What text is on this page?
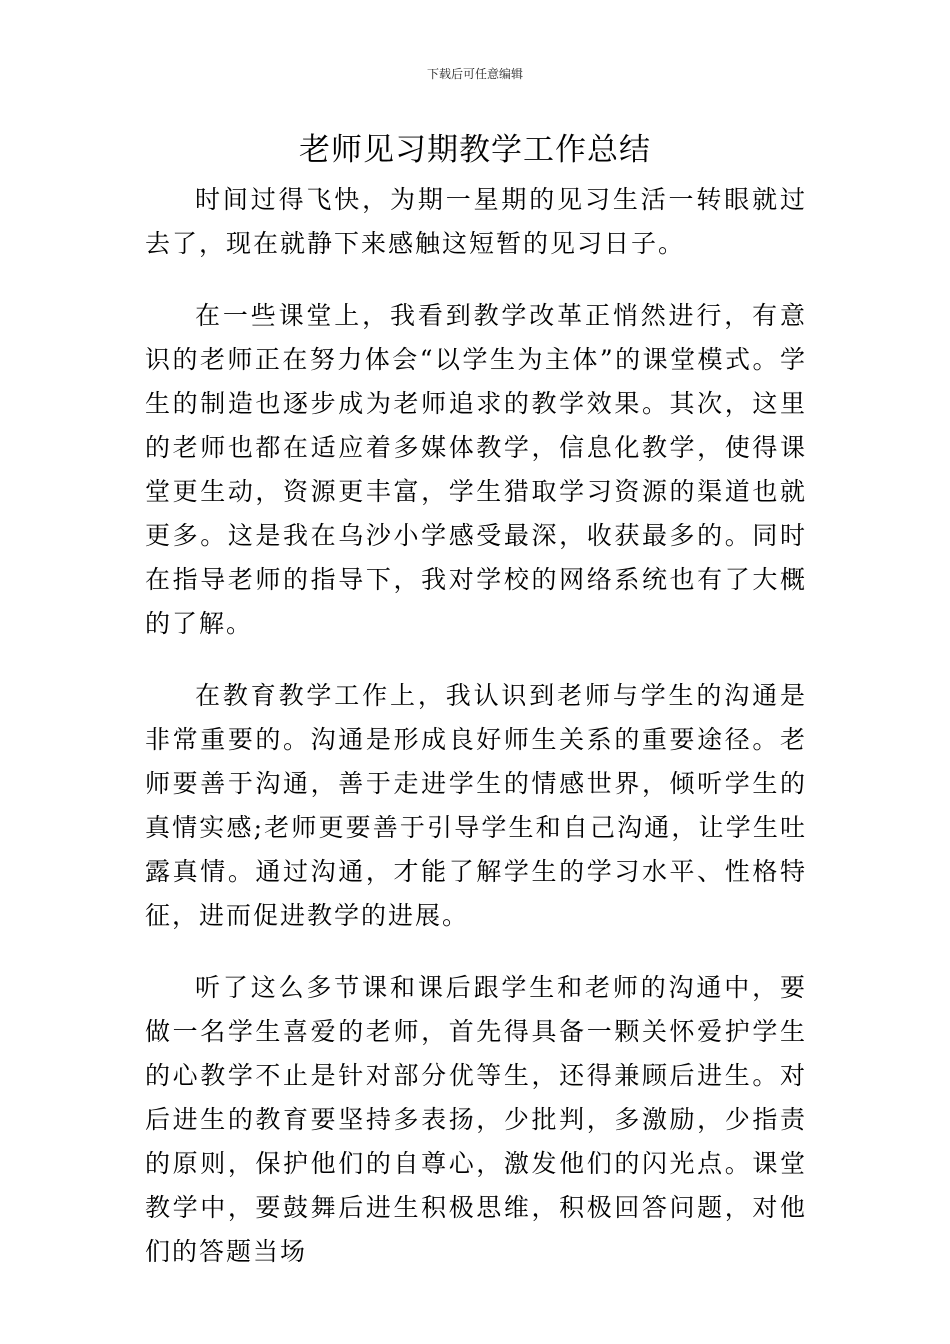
下载后可任意编辑
老师见习期教学工作总结

时间过得飞快，为期一星期的见习生活一转眼就过去了，现在就静下来感触这短暂的见习日子。

在一些课堂上，我看到教学改革正悄然进行，有意识的老师正在努力体会“以学生为主体”的课堂模式。学生的制造也逐步成为老师追求的教学效果。其次，这里的老师也都在适应着多媒体教学，信息化教学，使得课堂更生动，资源更丰富，学生猎取学习资源的渠道也就更多。这是我在乌沙小学感受最深，收获最多的。同时在指导老师的指导下，我对学校的网络系统也有了大概的了解。

在教育教学工作上，我认识到老师与学生的沟通是非常重要的。沟通是形成良好师生关系的重要途径。老师要善于沟通，善于走进学生的情感世界，倾听学生的真情实感;老师更要善于引导学生和自己沟通，让学生吐露真情。通过沟通，才能了解学生的学习水平、性格特征，进而促进教学的进展。

听了这么多节课和课后跟学生和老师的沟通中，要做一名学生喜爱的老师，首先得具备一颗关怀爱护学生的心教学不止是针对部分优等生，还得兼顾后进生。对后进生的教育要坚持多表扬，少批判，多激励，少指责的原则，保护他们的自尊心，激发他们的闪光点。课堂教学中，要鼓舞后进生积极思维，积极回答问题，对他们的答题当场
